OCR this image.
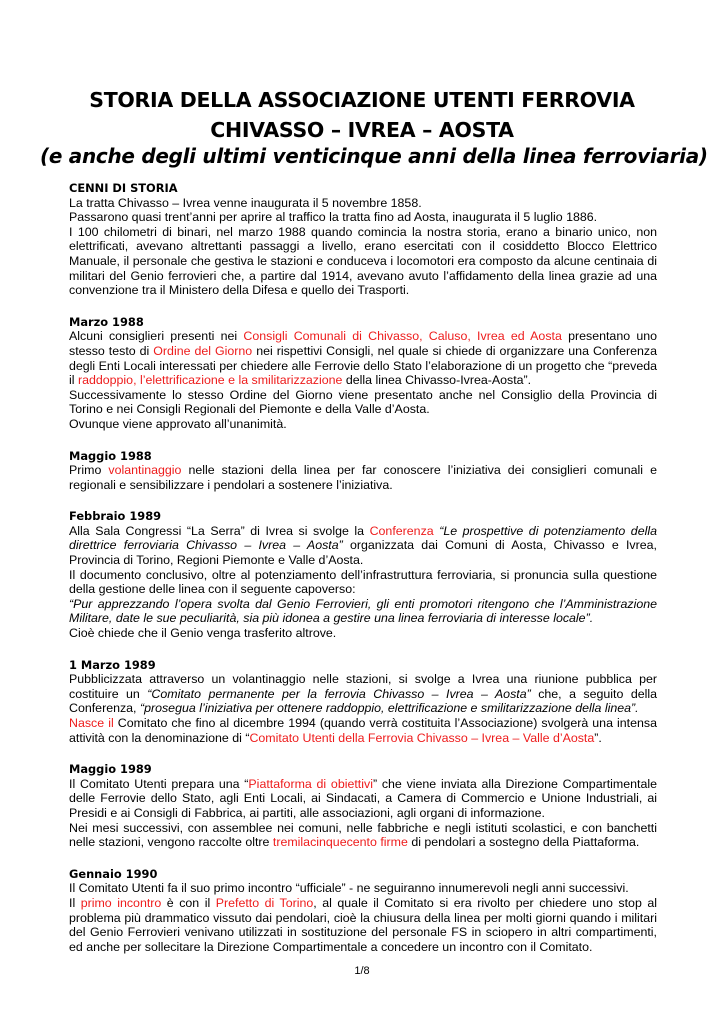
STORIA DELLA ASSOCIAZIONE UTENTI FERROVIA
CHIVASSO – IVREA – AOSTA
(e anche degli ultimi venticinque anni della linea ferroviaria)
CENNI DI STORIA
La tratta Chivasso – Ivrea venne inaugurata il 5 novembre 1858.
Passarono quasi trent’anni per aprire al traffico la tratta fino ad Aosta, inaugurata il 5 luglio 1886.
I 100 chilometri di binari, nel marzo 1988 quando comincia la nostra storia, erano a binario unico, non elettrificati, avevano altrettanti passaggi a livello, erano esercitati con il cosiddetto Blocco Elettrico Manuale, il personale che gestiva le stazioni e conduceva i locomotori era composto da alcune centinaia di militari del Genio ferrovieri che, a partire dal 1914, avevano avuto l’affidamento della linea grazie ad una convenzione tra il Ministero della Difesa e quello dei Trasporti.
Marzo 1988
Alcuni consiglieri presenti nei Consigli Comunali di Chivasso, Caluso, Ivrea ed Aosta presentano uno stesso testo di Ordine del Giorno nei rispettivi Consigli, nel quale si chiede di organizzare una Conferenza degli Enti Locali interessati per chiedere alle Ferrovie dello Stato l’elaborazione di un progetto che “preveda il raddoppio, l’elettrificazione e la smilitarizzazione della linea Chivasso-Ivrea-Aosta”.
Successivamente lo stesso Ordine del Giorno viene presentato anche nel Consiglio della Provincia di Torino e nei Consigli Regionali del Piemonte e della Valle d’Aosta.
Ovunque viene approvato all’unanimità.
Maggio 1988
Primo volantinaggio nelle stazioni della linea per far conoscere l’iniziativa dei consiglieri comunali e regionali e sensibilizzare i pendolari a sostenere l’iniziativa.
Febbraio 1989
Alla Sala Congressi “La Serra” di Ivrea si svolge la Conferenza “Le prospettive di potenziamento della direttrice ferroviaria Chivasso – Ivrea – Aosta” organizzata dai Comuni di Aosta, Chivasso e Ivrea, Provincia di Torino, Regioni Piemonte e Valle d’Aosta.
Il documento conclusivo, oltre al potenziamento dell’infrastruttura ferroviaria, si pronuncia sulla questione della gestione delle linea con il seguente capoverso:
“Pur apprezzando l’opera svolta dal Genio Ferrovieri, gli enti promotori ritengono che l’Amministrazione Militare, date le sue peculiarità, sia più idonea a gestire una linea ferroviaria di interesse locale”.
Cioè chiede che il Genio venga trasferito altrove.
1 Marzo 1989
Pubblicizzata attraverso un volantinaggio nelle stazioni, si svolge a Ivrea una riunione pubblica per costituire un “Comitato permanente per la ferrovia Chivasso – Ivrea – Aosta” che, a seguito della Conferenza, “prosegua l’iniziativa per ottenere raddoppio, elettrificazione e smilitarizzazione della linea”.
Nasce il Comitato che fino al dicembre 1994 (quando verrà costituita l’Associazione) svolgerà una intensa attività con la denominazione di “Comitato Utenti della Ferrovia Chivasso – Ivrea – Valle d’Aosta”.
Maggio 1989
Il Comitato Utenti prepara una “Piattaforma di obiettivi” che viene inviata alla Direzione Compartimentale delle Ferrovie dello Stato, agli Enti Locali, ai Sindacati, a Camera di Commercio e Unione Industriali, ai Presidi e ai Consigli di Fabbrica, ai partiti, alle associazioni, agli organi di informazione.
Nei mesi successivi, con assemblee nei comuni, nelle fabbriche e negli istituti scolastici, e con banchetti nelle stazioni, vengono raccolte oltre tremilacinquecento firme di pendolari a sostegno della Piattaforma.
Gennaio 1990
Il Comitato Utenti fa il suo primo incontro “ufficiale” - ne seguiranno innumerevoli negli anni successivi.
Il primo incontro è con il Prefetto di Torino, al quale il Comitato si era rivolto per chiedere uno stop al problema più drammatico vissuto dai pendolari, cioè la chiusura della linea per molti giorni quando i militari del Genio Ferrovieri venivano utilizzati in sostituzione del personale FS in sciopero in altri compartimenti, ed anche per sollecitare la Direzione Compartimentale a concedere un incontro con il Comitato.
1/8
